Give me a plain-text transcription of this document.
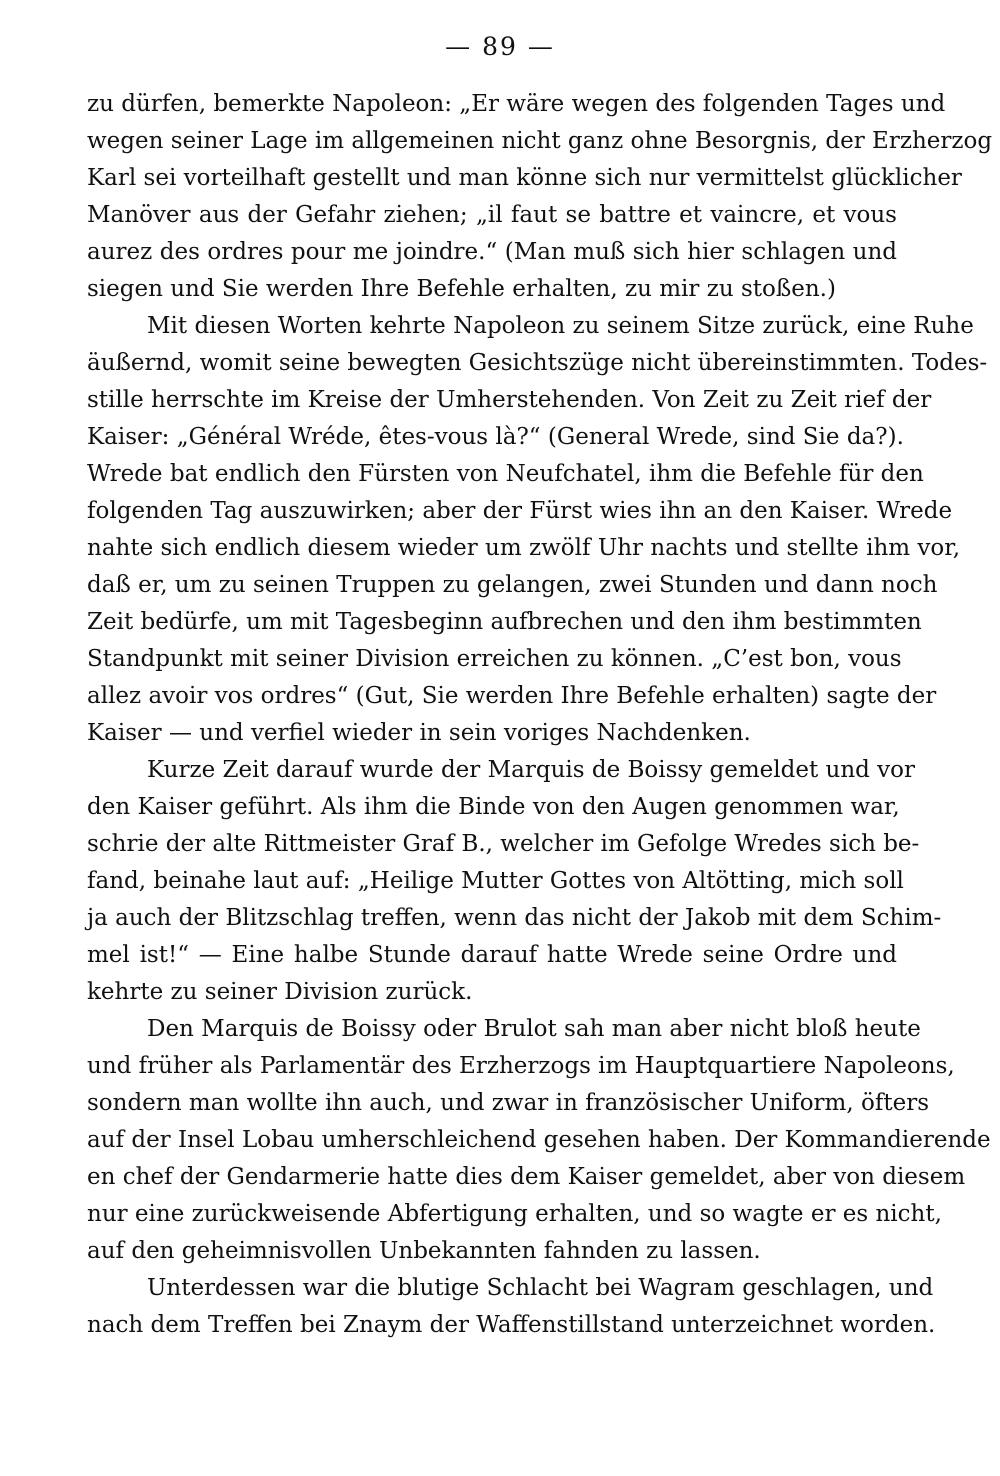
— 89 —
zu dürfen, bemerkte Napoleon: „Er wäre wegen des folgenden Tages und
wegen seiner Lage im allgemeinen nicht ganz ohne Besorgnis, der Erzherzog
Karl sei vorteilhaft gestellt und man könne sich nur vermittelst glücklicher
Manöver aus der Gefahr ziehen; „il faut se battre et vaincre, et vous
aurez des ordres pour me joindre.“ (Man muß sich hier schlagen und
siegen und Sie werden Ihre Befehle erhalten, zu mir zu stoßen.)
Mit diesen Worten kehrte Napoleon zu seinem Sitze zurück, eine Ruhe
äußernd, womit seine bewegten Gesichtszüge nicht übereinstimmten. Todes-
stille herrschte im Kreise der Umherstehenden. Von Zeit zu Zeit rief der
Kaiser: „Général Wréde, êtes-vous là?“ (General Wrede, sind Sie da?).
Wrede bat endlich den Fürsten von Neufchatel, ihm die Befehle für den
folgenden Tag auszuwirken; aber der Fürst wies ihn an den Kaiser. Wrede
nahte sich endlich diesem wieder um zwölf Uhr nachts und stellte ihm vor,
daß er, um zu seinen Truppen zu gelangen, zwei Stunden und dann noch
Zeit bedürfe, um mit Tagesbeginn aufbrechen und den ihm bestimmten
Standpunkt mit seiner Division erreichen zu können. „C’est bon, vous
allez avoir vos ordres“ (Gut, Sie werden Ihre Befehle erhalten) sagte der
Kaiser — und verfiel wieder in sein voriges Nachdenken.
Kurze Zeit darauf wurde der Marquis de Boissy gemeldet und vor
den Kaiser geführt. Als ihm die Binde von den Augen genommen war,
schrie der alte Rittmeister Graf B., welcher im Gefolge Wredes sich be-
fand, beinahe laut auf: „Heilige Mutter Gottes von Altötting, mich soll
ja auch der Blitzschlag treffen, wenn das nicht der Jakob mit dem Schim-
mel ist!“ — Eine halbe Stunde darauf hatte Wrede seine Ordre und
kehrte zu seiner Division zurück.
Den Marquis de Boissy oder Brulot sah man aber nicht bloß heute
und früher als Parlamentär des Erzherzogs im Hauptquartiere Napoleons,
sondern man wollte ihn auch, und zwar in französischer Uniform, öfters
auf der Insel Lobau umherschleichend gesehen haben. Der Kommandierende
en chef der Gendarmerie hatte dies dem Kaiser gemeldet, aber von diesem
nur eine zurückweisende Abfertigung erhalten, und so wagte er es nicht,
auf den geheimnisvollen Unbekannten fahnden zu lassen.
Unterdessen war die blutige Schlacht bei Wagram geschlagen, und
nach dem Treffen bei Znaym der Waffenstillstand unterzeichnet worden.
